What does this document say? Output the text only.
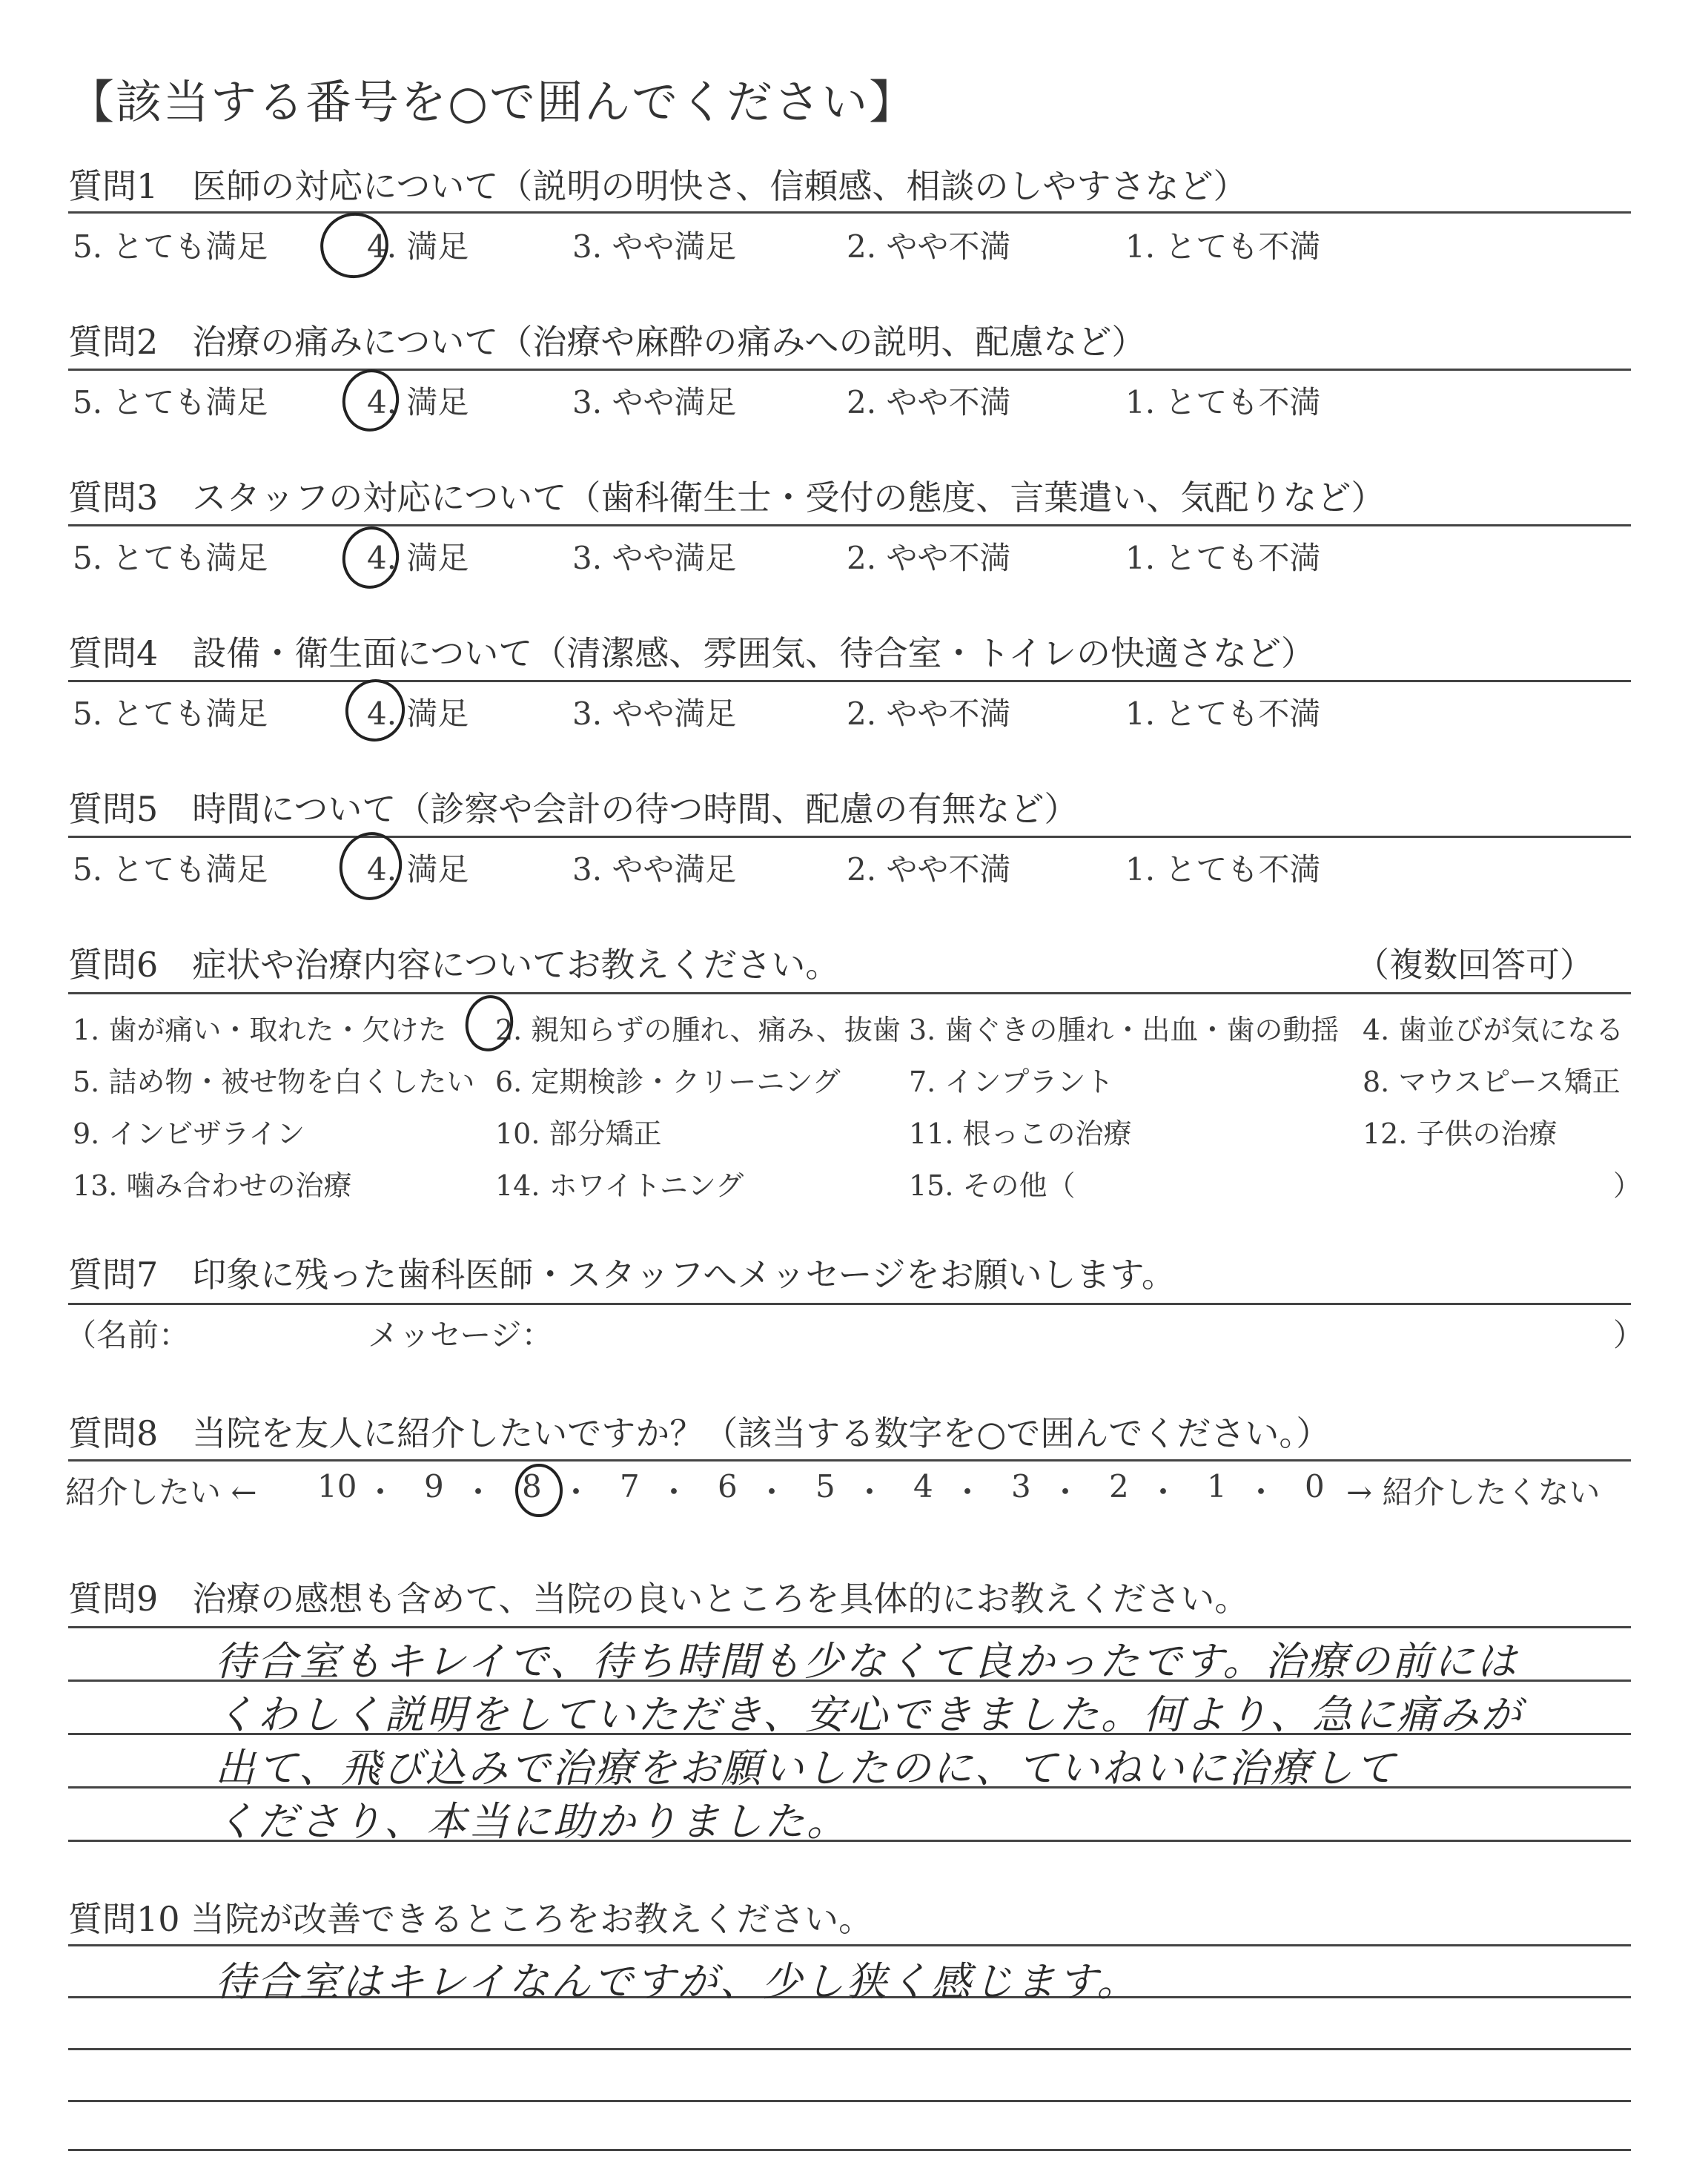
【該当する番号を○で囲んでください】
質問1　医師の対応について（説明の明快さ、信頼感、相談のしやすさなど）
5. とても満足	4. 満足	3. やや満足	2. やや不満	1. とても不満
質問2　治療の痛みについて（治療や麻酔の痛みへの説明、配慮など）
5. とても満足	4. 満足	3. やや満足	2. やや不満	1. とても不満
質問3　スタッフの対応について（歯科衛生士・受付の態度、言葉遣い、気配りなど）
5. とても満足	4. 満足	3. やや満足	2. やや不満	1. とても不満
質問4　設備・衛生面について（清潔感、雰囲気、待合室・トイレの快適さなど）
5. とても満足	4. 満足	3. やや満足	2. やや不満	1. とても不満
質問5　時間について（診察や会計の待つ時間、配慮の有無など）
5. とても満足	4. 満足	3. やや満足	2. やや不満	1. とても不満
質問6　症状や治療内容についてお教えください。	（複数回答可）
1. 歯が痛い・取れた・欠けた 2. 親知らずの腫れ、痛み、抜歯 3. 歯ぐきの腫れ・出血・歯の動揺 4. 歯並びが気になる
5. 詰め物・被せ物を白くしたい 6. 定期検診・クリーニング 7. インプラント	8. マウスピース矯正
9. インビザライン	10. 部分矯正	11. 根っこの治療	12. 子供の治療
13. 噛み合わせの治療	14. ホワイトニング	15. その他（	）
質問7　印象に残った歯科医師・スタッフへメッセージをお願いします。
（名前：	メッセージ：	）
質問8　当院を友人に紹介したいですか？（該当する数字を○で囲んでください。）
紹介したい ←	→ 紹介したくない
10 ・ 9 ・ 8 ・ 7 ・ 6 ・ 5 ・ 4 ・ 3 ・ 2 ・ 1 ・ 0
質問9　治療の感想も含めて、当院の良いところを具体的にお教えください。
待合室もキレイで、待ち時間も少なくて良かったです。治療の前には
くわしく説明をしていただき、安心できました。何より、急に痛みが
出て、飛び込みで治療をお願いしたのに、ていねいに治療して
くださり、本当に助かりました。
質問10 当院が改善できるところをお教えください。
待合室はキレイなんですが、少し狭く感じます。
